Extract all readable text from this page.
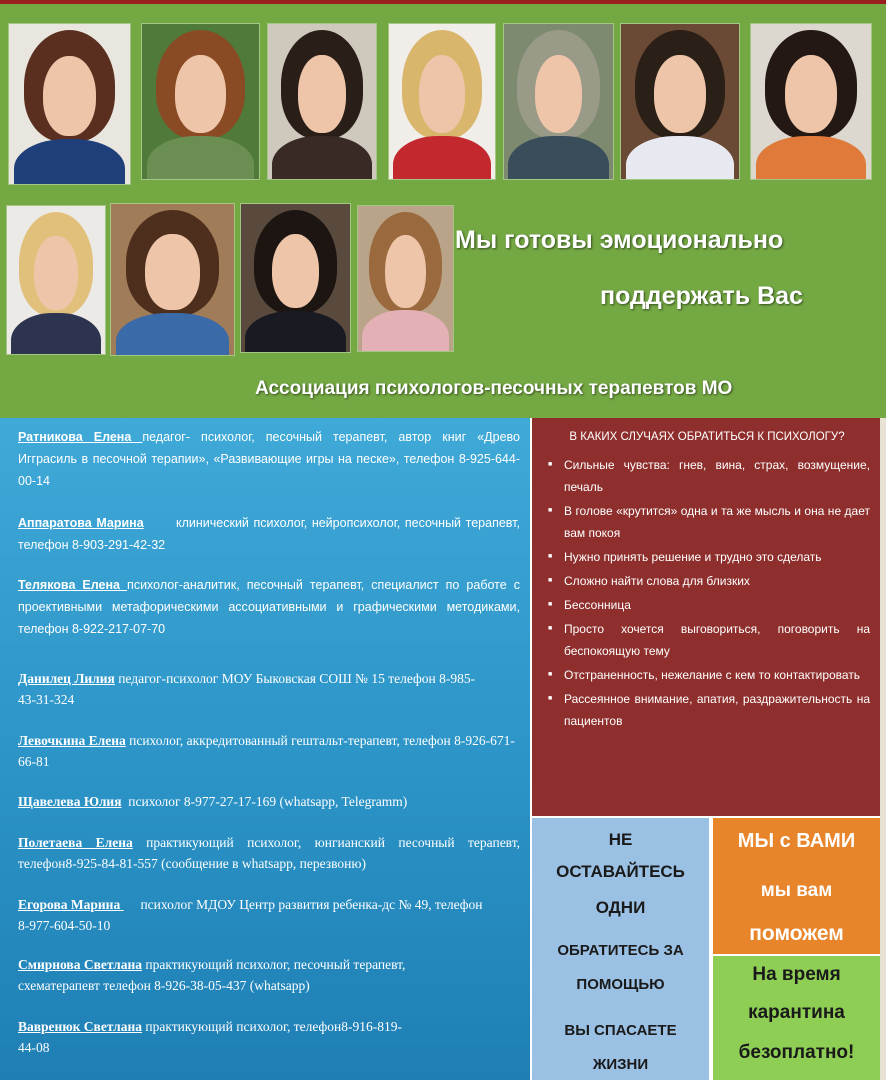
Мы готовы эмоционально
поддержать Вас
Ассоциация психологов-песочных терапевтов МО
Ратникова Елена педагог- психолог, песочный терапевт, автор книг «Древо Игграсиль в песочной терапии», «Развивающие игры на песке», телефон 8-925-644-00-14
Аппаратова Марина	клинический психолог, нейропсихолог, песочный терапевт, телефон 8-903-291-42-32
Телякова Елена психолог-аналитик, песочный терапевт, специалист по работе с проективными метафорическими ассоциативными и графическими методиками, телефон 8-922-217-07-70
Данилец Лилия педагог-психолог МОУ Быковская СОШ № 15 телефон 8-985-43-31-324
Левочкина Елена психолог, аккредитованный гештальт-терапевт, телефон 8-926-671-66-81
Щавелева Юлия психолог 8-977-27-17-169 (whatsapp, Telegramm)
Полетаева Елена практикующий психолог, юнгианский песочный терапевт, телефон8-925-84-81-557 (сообщение в whatsapp, перезвоню)
Егорова Марина      психолог МДОУ Центр развития ребенка-дс № 49, телефон 8-977-604-50-10
Смирнова Светлана практикующий психолог, песочный терапевт, схематерапевт телефон 8-926-38-05-437 (whatsapp)
Вавренюк Светлана практикующий психолог, телефон8-916-819-44-08
В КАКИХ СЛУЧАЯХ ОБРАТИТЬСЯ К ПСИХОЛОГУ?
■ Сильные чувства: гнев, вина, страх, возмущение, печаль
■ В голове «крутится» одна и та же мысль и она не дает вам покоя
■ Нужно принять решение и трудно это сделать
■ Сложно найти слова для близких
■ Бессонница
■ Просто хочется выговориться, поговорить на беспокоящую тему
■ Отстраненность, нежелание с кем то контактировать
■ Рассеянное внимание, апатия, раздражительность на пациентов
НЕ
ОСТАВАЙТЕСЬ
ОДНИ
ОБРАТИТЕСЬ ЗА
ПОМОЩЬЮ
ВЫ СПАСАЕТЕ
ЖИЗНИ
МЫ с ВАМИ
мы вам
поможем
На время
карантина
безоплатно!
